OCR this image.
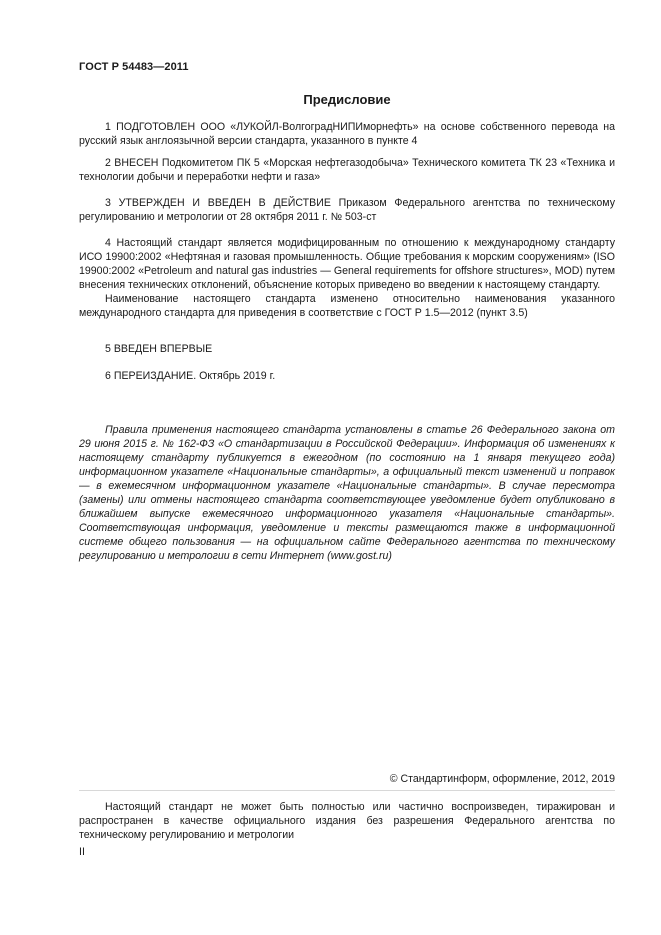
ГОСТ Р 54483—2011
Предисловие

1 ПОДГОТОВЛЕН ООО «ЛУКОЙЛ-ВолгоградНИПИморнефть» на основе собственного перевода на русский язык англоязычной версии стандарта, указанного в пункте 4

2 ВНЕСЕН Подкомитетом ПК 5 «Морская нефтегазодобыча» Технического комитета ТК 23 «Техника и технологии добычи и переработки нефти и газа»

3 УТВЕРЖДЕН И ВВЕДЕН В ДЕЙСТВИЕ Приказом Федерального агентства по техническому регулированию и метрологии от 28 октября 2011 г. № 503-ст

4 Настоящий стандарт является модифицированным по отношению к международному стандарту ИСО 19900:2002 «Нефтяная и газовая промышленность. Общие требования к морским сооружениям» (ISO 19900:2002 «Petroleum and natural gas industries — General requirements for offshore structures», MOD) путем внесения технических отклонений, объяснение которых приведено во введении к настоящему стандарту.

Наименование настоящего стандарта изменено относительно наименования указанного международного стандарта для приведения в соответствие с ГОСТ Р 1.5—2012 (пункт 3.5)

5 ВВЕДЕН ВПЕРВЫЕ

6 ПЕРЕИЗДАНИЕ. Октябрь 2019 г.

Правила применения настоящего стандарта установлены в статье 26 Федерального закона от 29 июня 2015 г. № 162-ФЗ «О стандартизации в Российской Федерации». Информация об изменениях к настоящему стандарту публикуется в ежегодном (по состоянию на 1 января текущего года) информационном указателе «Национальные стандарты», а официальный текст изменений и поправок — в ежемесячном информационном указателе «Национальные стандарты». В случае пересмотра (замены) или отмены настоящего стандарта соответствующее уведомление будет опубликовано в ближайшем выпуске ежемесячного информационного указателя «Национальные стандарты». Соответствующая информация, уведомление и тексты размещаются также в информационной системе общего пользования — на официальном сайте Федерального агентства по техническому регулированию и метрологии в сети Интернет (www.gost.ru)

© Стандартинформ, оформление, 2012, 2019

Настоящий стандарт не может быть полностью или частично воспроизведен, тиражирован и распространен в качестве официального издания без разрешения Федерального агентства по техническому регулированию и метрологии

II
